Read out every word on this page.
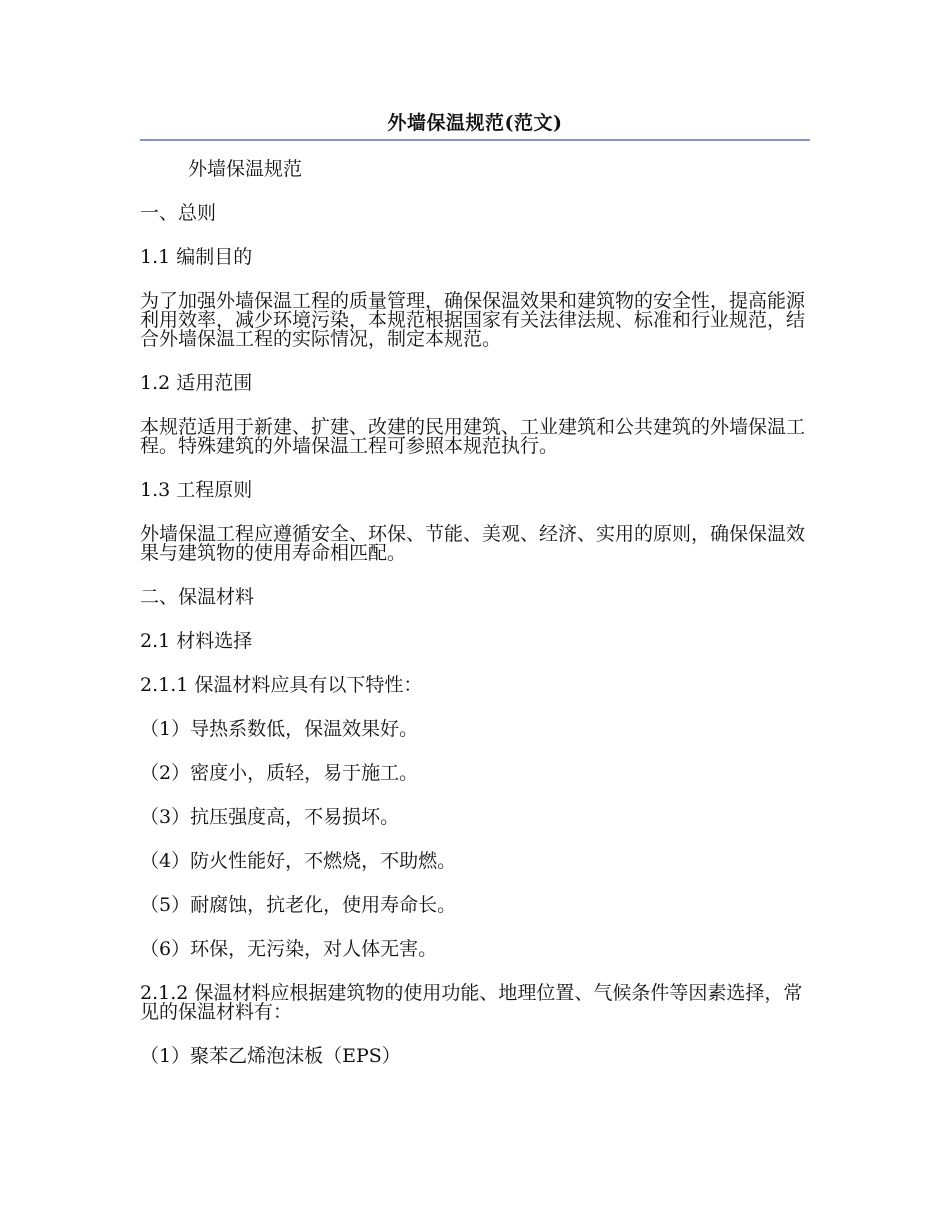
外墙保温规范(范文)

外墙保温规范

一、总则

1.1 编制目的

为了加强外墙保温工程的质量管理，确保保温效果和建筑物的安全性，提高能源利用效率，减少环境污染，本规范根据国家有关法律法规、标准和行业规范，结合外墙保温工程的实际情况，制定本规范。

1.2 适用范围

本规范适用于新建、扩建、改建的民用建筑、工业建筑和公共建筑的外墙保温工程。特殊建筑的外墙保温工程可参照本规范执行。

1.3 工程原则

外墙保温工程应遵循安全、环保、节能、美观、经济、实用的原则，确保保温效果与建筑物的使用寿命相匹配。

二、保温材料

2.1 材料选择

2.1.1 保温材料应具有以下特性：

（1）导热系数低，保温效果好。

（2）密度小，质轻，易于施工。

（3）抗压强度高，不易损坏。

（4）防火性能好，不燃烧，不助燃。

（5）耐腐蚀，抗老化，使用寿命长。

（6）环保，无污染，对人体无害。

2.1.2 保温材料应根据建筑物的使用功能、地理位置、气候条件等因素选择，常见的保温材料有：

（1）聚苯乙烯泡沫板（EPS）
